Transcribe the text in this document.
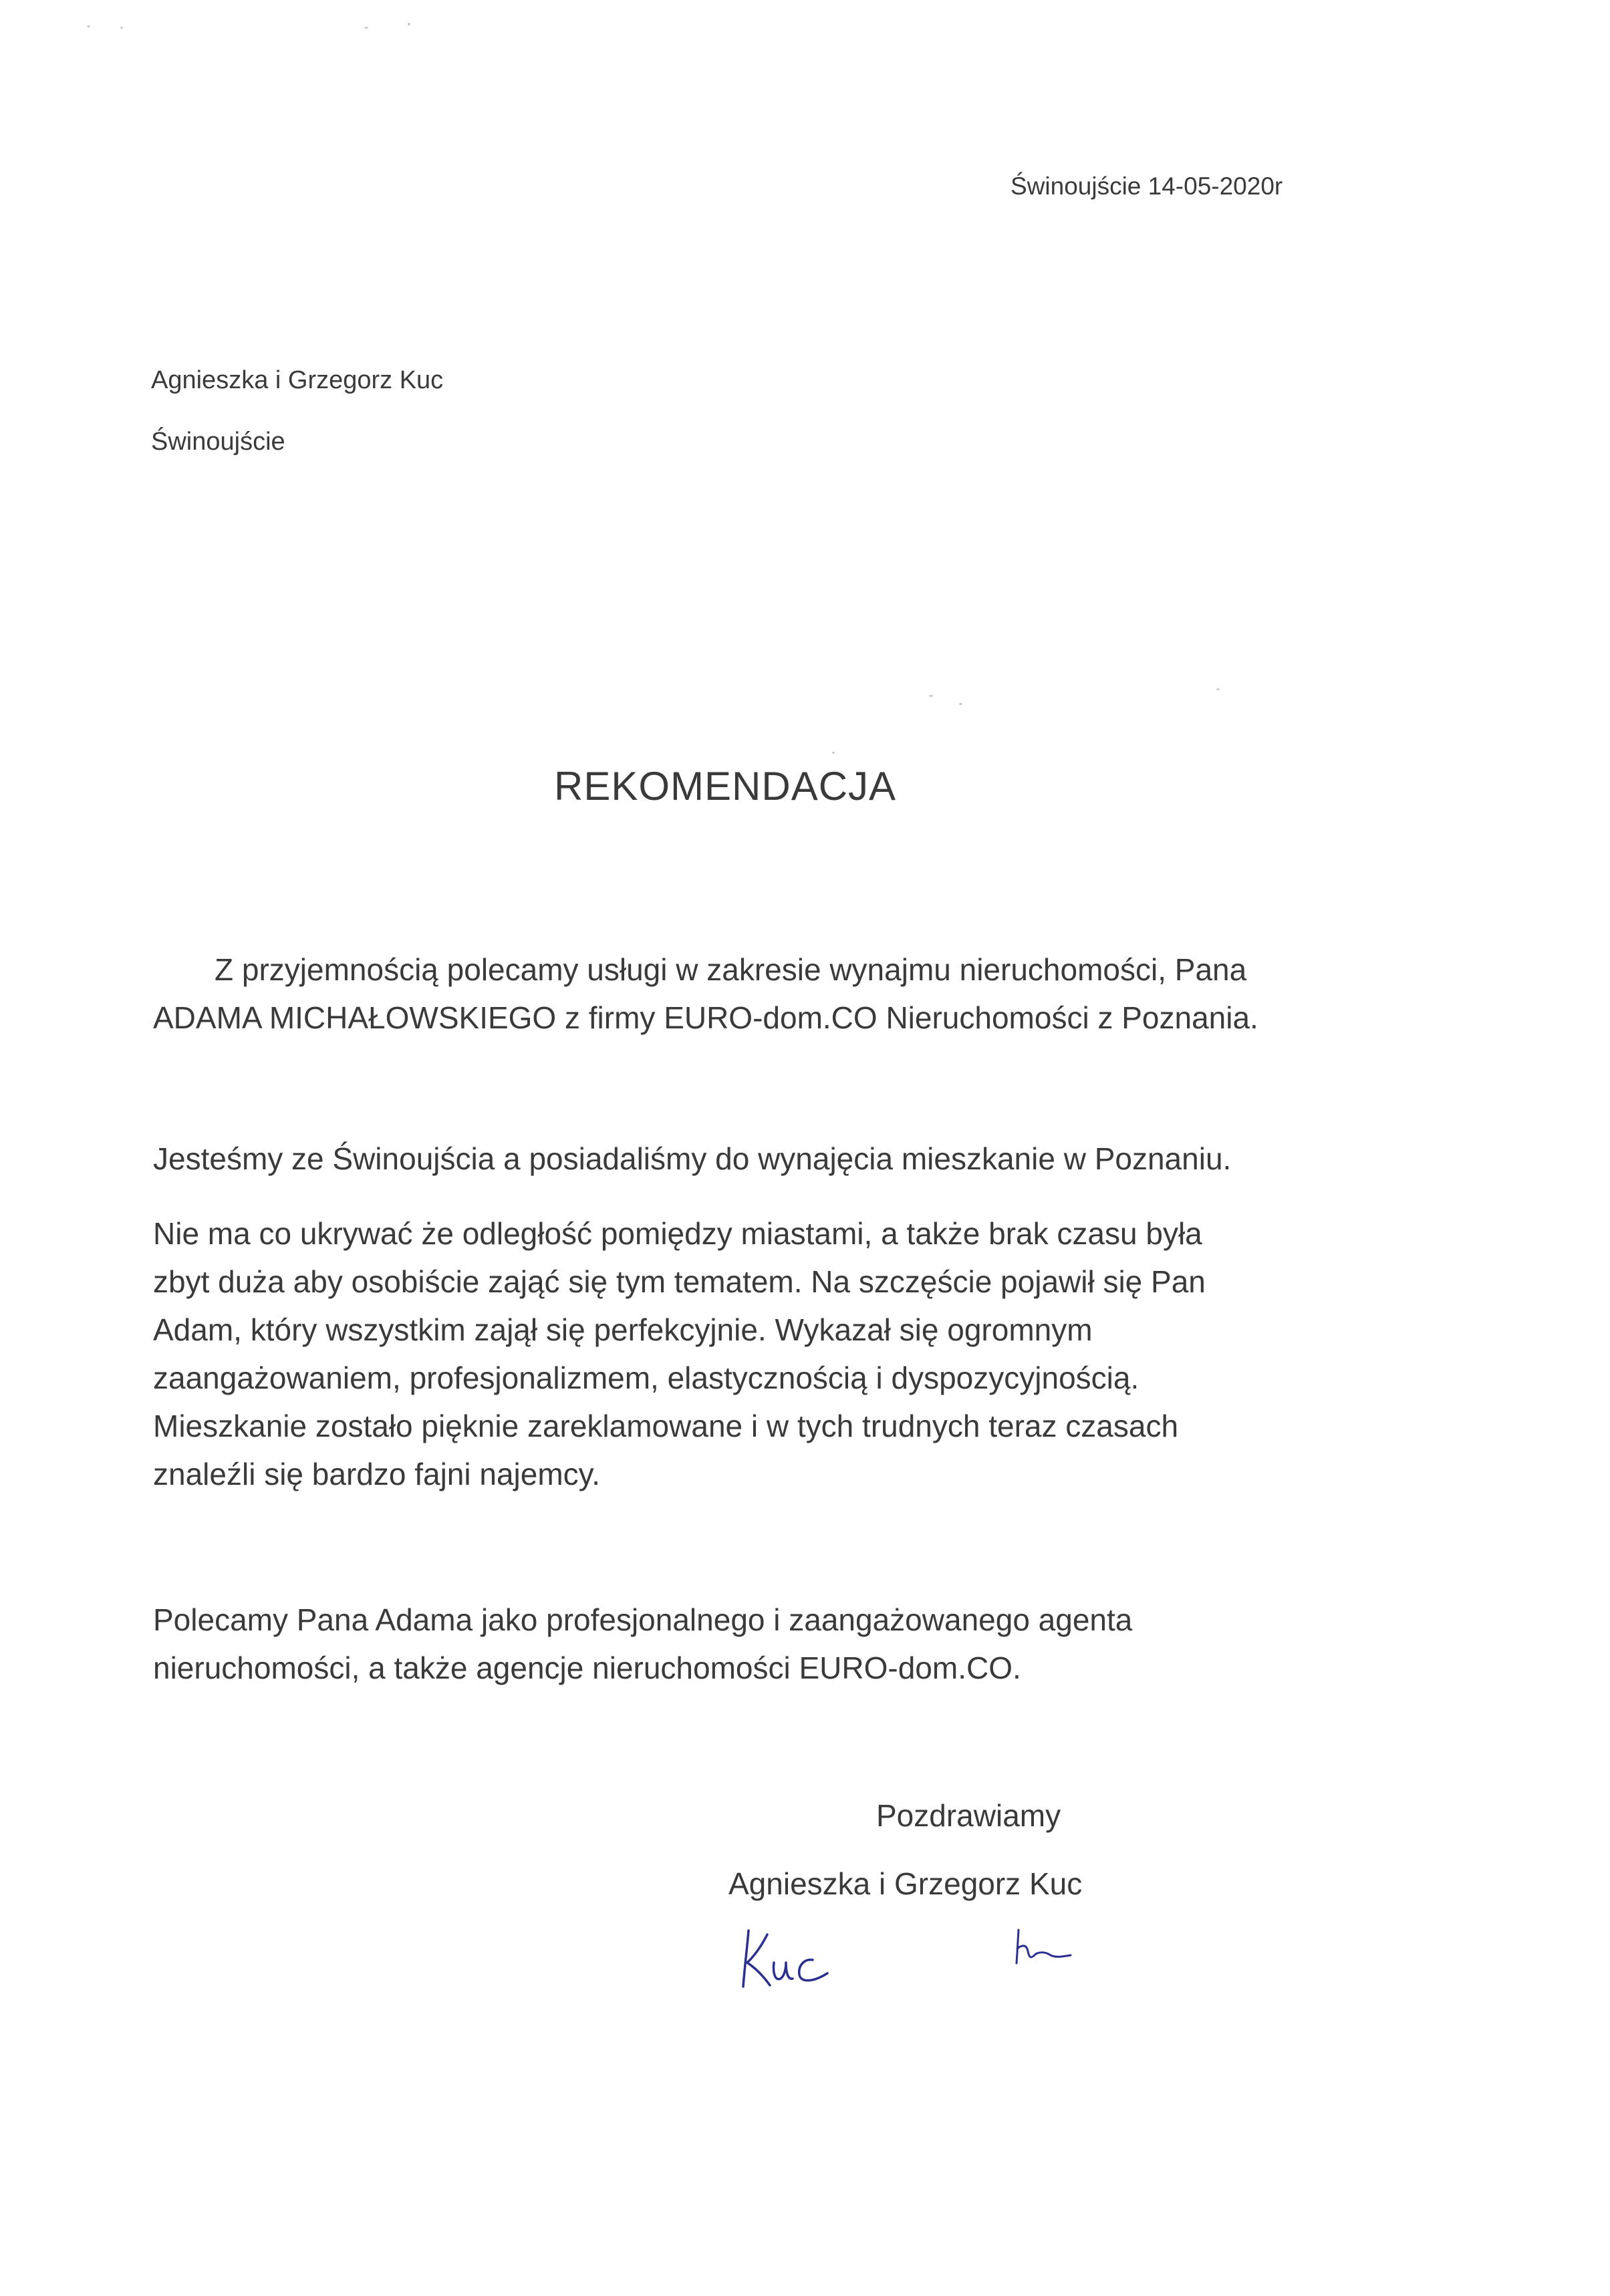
Świnoujście 14-05-2020r
Agnieszka i Grzegorz Kuc
Świnoujście
REKOMENDACJA

Z przyjemnością polecamy usługi w zakresie wynajmu nieruchomości, Pana
ADAMA MICHAŁOWSKIEGO z firmy EURO-dom.CO Nieruchomości z Poznania.

Jesteśmy ze Świnoujścia a posiadaliśmy do wynajęcia mieszkanie w Poznaniu.

Nie ma co ukrywać że odległość pomiędzy miastami, a także brak czasu była
zbyt duża aby osobiście zająć się tym tematem. Na szczęście pojawił się Pan
Adam, który wszystkim zajął się perfekcyjnie. Wykazał się ogromnym
zaangażowaniem, profesjonalizmem, elastycznością i dyspozycyjnością.
Mieszkanie zostało pięknie zareklamowane i w tych trudnych teraz czasach
znaleźli się bardzo fajni najemcy.

Polecamy Pana Adama jako profesjonalnego i zaangażowanego agenta
nieruchomości, a także agencje nieruchomości EURO-dom.CO.

Pozdrawiamy
Agnieszka i Grzegorz Kuc
